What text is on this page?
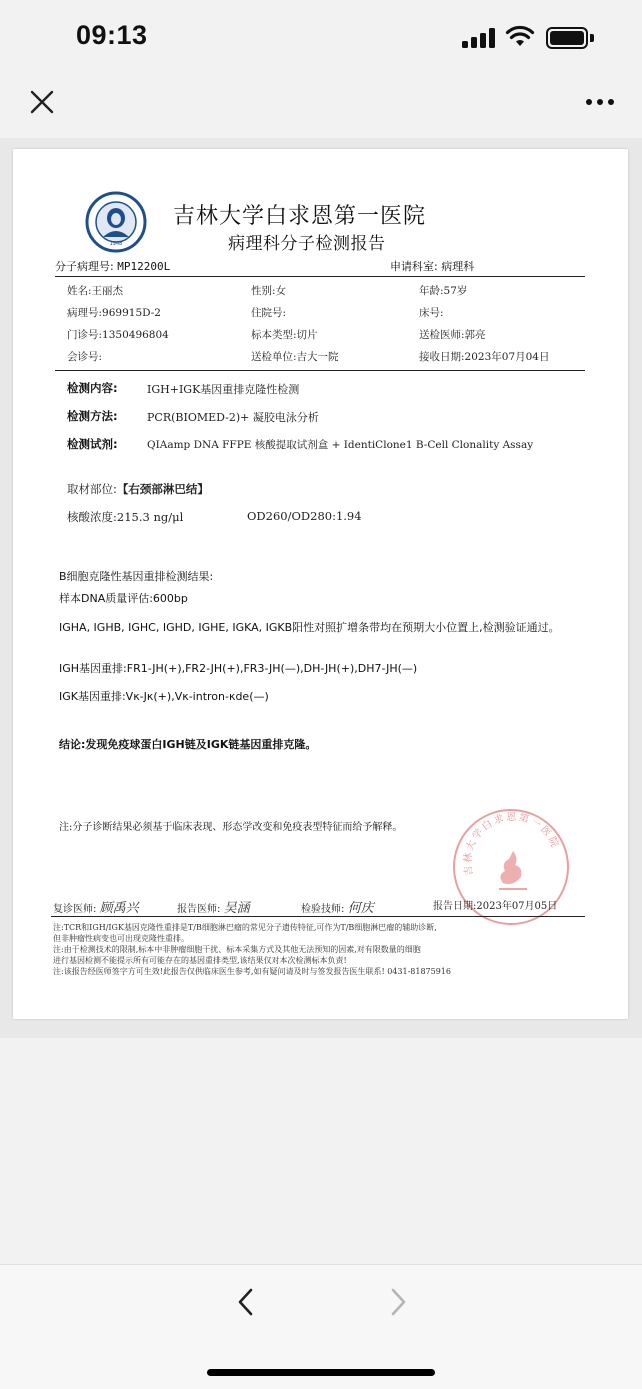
09:13
1948
吉林大学白求恩第一医院
病理科分子检测报告
分子病理号: MP12200L	申请科室: 病理科
姓名:王丽杰	性别:女	年龄:57岁
病理号:969915D-2	住院号:	床号:
门诊号:1350496804	标本类型:切片	送检医师:郭亮
会诊号:	送检单位:吉大一院	接收日期:2023年07月04日
检测内容:	IGH+IGK基因重排克隆性检测
检测方法:	PCR(BIOMED-2)+ 凝胶电泳分析
检测试剂:	QIAamp DNA FFPE 核酸提取试剂盒 + IdentiClone1 B-Cell Clonality Assay
取材部位:【右颈部淋巴结】
核酸浓度:215.3 ng/μl	OD260/OD280:1.94
B细胞克隆性基因重排检测结果:
样本DNA质量评估:600bp
IGHA, IGHB, IGHC, IGHD, IGHE, IGKA, IGKB阳性对照扩增条带均在预期大小位置上,检测验证通过。
IGH基因重排:FR1-JH(+),FR2-JH(+),FR3-JH(—),DH-JH(+),DH7-JH(—)
IGK基因重排:Vκ-Jκ(+),Vκ-intron-κde(—)
结论:发现免疫球蛋白IGH链及IGK链基因重排克隆。
注:分子诊断结果必须基于临床表现、形态学改变和免疫表型特征而给予解释。
吉林大学白求恩第一医院
复诊医师: 顾禹兴	报告医师: 吴涵	检验技师: 何庆	报告日期:2023年07月05日
注:TCR和IGH/IGK基因克隆性重排是T/B细胞淋巴瘤的常见分子遗传特征,可作为T/B细胞淋巴瘤的辅助诊断,
但非肿瘤性病变也可出现克隆性重排。
注:由于检测技术的限制,标本中非肿瘤细胞干扰、标本采集方式及其他无法预知的因素,对有限数量的细胞
进行基因检测不能提示所有可能存在的基因重排类型,该结果仅对本次检测标本负责!
注:该报告经医师签字方可生效!此报告仅供临床医生参考,如有疑问请及时与签发报告医生联系! 0431-81875916
